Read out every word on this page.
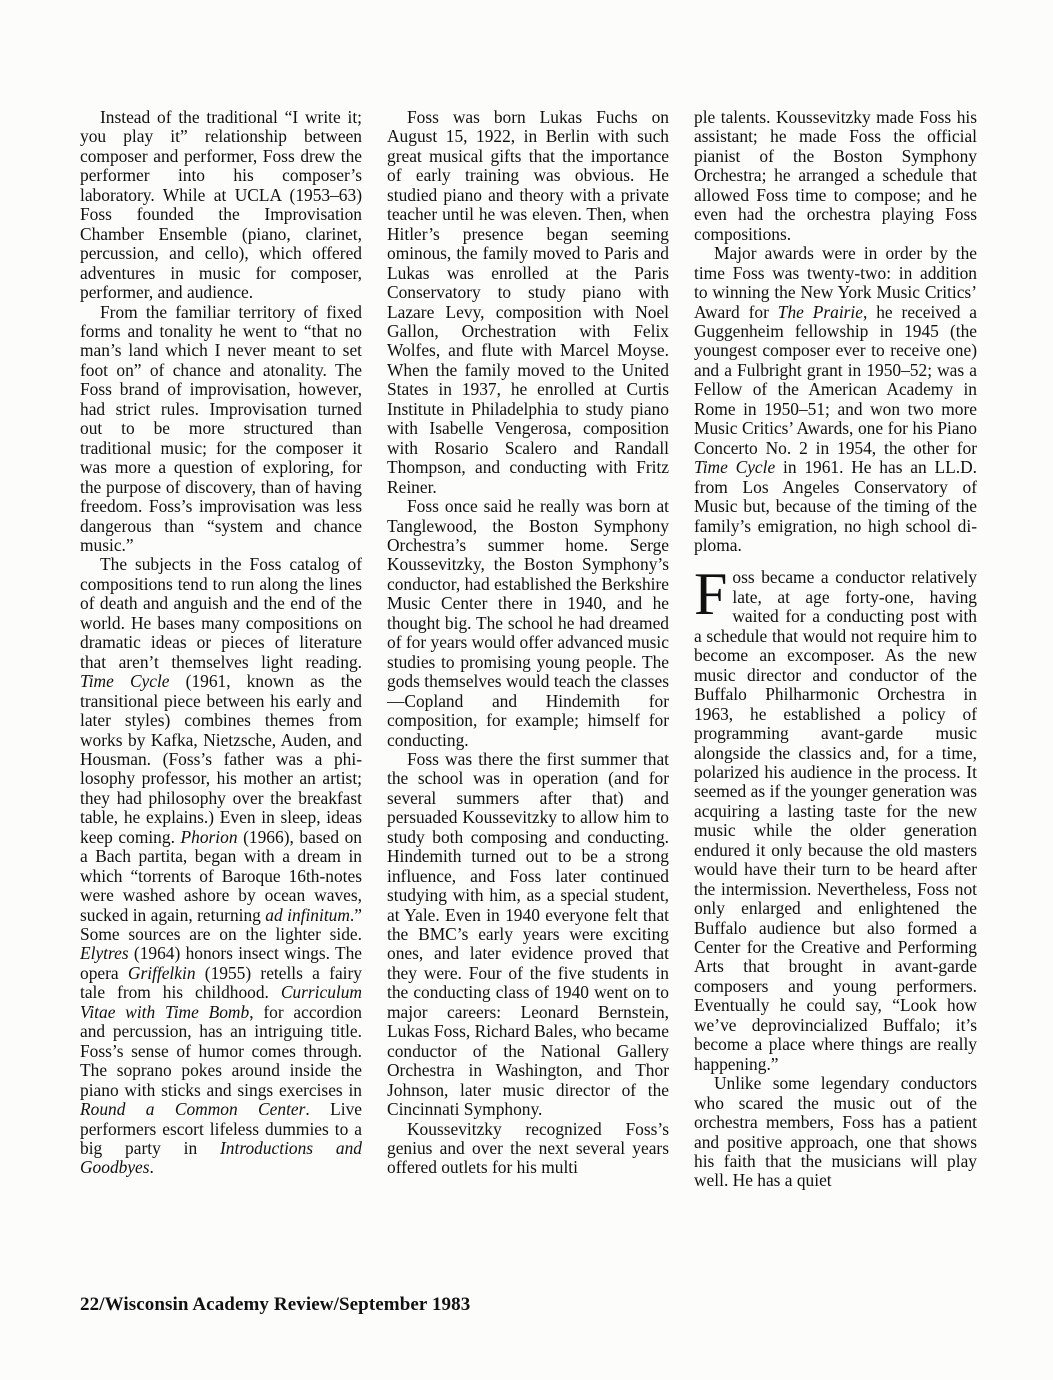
Instead of the traditional “I write it; you play it” relationship between composer and performer, Foss drew the performer into his composer’s laboratory. While at UCLA (1953–63) Foss founded the Improvisation Chamber Ensemble (piano, clarinet, percussion, and cello), which offered adventures in music for composer, performer, and audience.

From the familiar territory of fixed forms and tonality he went to “that no man’s land which I never meant to set foot on” of chance and atonality. The Foss brand of improvisation, however, had strict rules. Improvisation turned out to be more structured than traditional music; for the composer it was more a question of exploring, for the purpose of discovery, than of having freedom. Foss’s improvisation was less dangerous than “system and chance music.”

The subjects in the Foss catalog of compositions tend to run along the lines of death and anguish and the end of the world. He bases many compositions on dramatic ideas or pieces of literature that aren’t themselves light reading. Time Cycle (1961, known as the transitional piece between his early and later styles) combines themes from works by Kafka, Nietzsche, Auden, and Housman. (Foss’s father was a philosophy professor, his mother an artist; they had philosophy over the breakfast table, he explains.) Even in sleep, ideas keep coming. Phorion (1966), based on a Bach partita, began with a dream in which “torrents of Baroque 16th-notes were washed ashore by ocean waves, sucked in again, returning ad infinitum.” Some sources are on the lighter side. Elytres (1964) honors insect wings. The opera Griffelkin (1955) retells a fairy tale from his childhood. Curriculum Vitae with Time Bomb, for accordion and percussion, has an intriguing title. Foss’s sense of humor comes through. The soprano pokes around inside the piano with sticks and sings exercises in Round a Common Center. Live performers escort lifeless dummies to a big party in Introductions and Goodbyes.

Foss was born Lukas Fuchs on August 15, 1922, in Berlin with such great musical gifts that the importance of early training was obvious. He studied piano and theory with a private teacher until he was eleven. Then, when Hitler’s presence began seeming ominous, the family moved to Paris and Lukas was enrolled at the Paris Conservatory to study piano with Lazare Levy, composition with Noel Gallon, Orchestration with Felix Wolfes, and flute with Marcel Moyse. When the family moved to the United States in 1937, he enrolled at Curtis Institute in Philadelphia to study piano with Isabelle Vengerosa, composition with Rosario Scalero and Randall Thompson, and conducting with Fritz Reiner.

Foss once said he really was born at Tanglewood, the Boston Symphony Orchestra’s summer home. Serge Koussevitzky, the Boston Symphony’s conductor, had established the Berkshire Music Center there in 1940, and he thought big. The school he had dreamed of for years would offer advanced music studies to promising young people. The gods themselves would teach the classes—Copland and Hindemith for composition, for example; himself for conducting.

Foss was there the first summer that the school was in operation (and for several summers after that) and persuaded Koussevitzky to allow him to study both composing and conducting. Hindemith turned out to be a strong influence, and Foss later continued studying with him, as a special student, at Yale. Even in 1940 everyone felt that the BMC’s early years were exciting ones, and later evidence proved that they were. Four of the five students in the conducting class of 1940 went on to major careers: Leonard Bernstein, Lukas Foss, Richard Bales, who became conductor of the National Gallery Orchestra in Washington, and Thor Johnson, later music director of the Cincinnati Symphony.

Koussevitzky recognized Foss’s genius and over the next several years offered outlets for his multi

ple talents. Koussevitzky made Foss his assistant; he made Foss the official pianist of the Boston Symphony Orchestra; he arranged a schedule that allowed Foss time to compose; and he even had the orchestra playing Foss compositions.

Major awards were in order by the time Foss was twenty-two: in addition to winning the New York Music Critics’ Award for The Prairie, he received a Guggenheim fellowship in 1945 (the youngest composer ever to receive one) and a Fulbright grant in 1950–52; was a Fellow of the American Academy in Rome in 1950–51; and won two more Music Critics’ Awards, one for his Piano Concerto No. 2 in 1954, the other for Time Cycle in 1961. He has an LL.D. from Los Angeles Conservatory of Music but, because of the timing of the family’s emigration, no high school diploma.

Foss became a conductor relatively late, at age forty-one, having waited for a conducting post with a schedule that would not require him to become an excomposer. As the new music director and conductor of the Buffalo Philharmonic Orchestra in 1963, he established a policy of programming avant-garde music alongside the classics and, for a time, polarized his audience in the process. It seemed as if the younger generation was acquiring a lasting taste for the new music while the older generation endured it only because the old masters would have their turn to be heard after the intermission. Nevertheless, Foss not only enlarged and enlightened the Buffalo audience but also formed a Center for the Creative and Performing Arts that brought in avant-garde composers and young performers. Eventually he could say, “Look how we’ve deprovincialized Buffalo; it’s become a place where things are really happening.”

Unlike some legendary conductors who scared the music out of the orchestra members, Foss has a patient and positive approach, one that shows his faith that the musicians will play well. He has a quiet

22/Wisconsin Academy Review/September 1983
